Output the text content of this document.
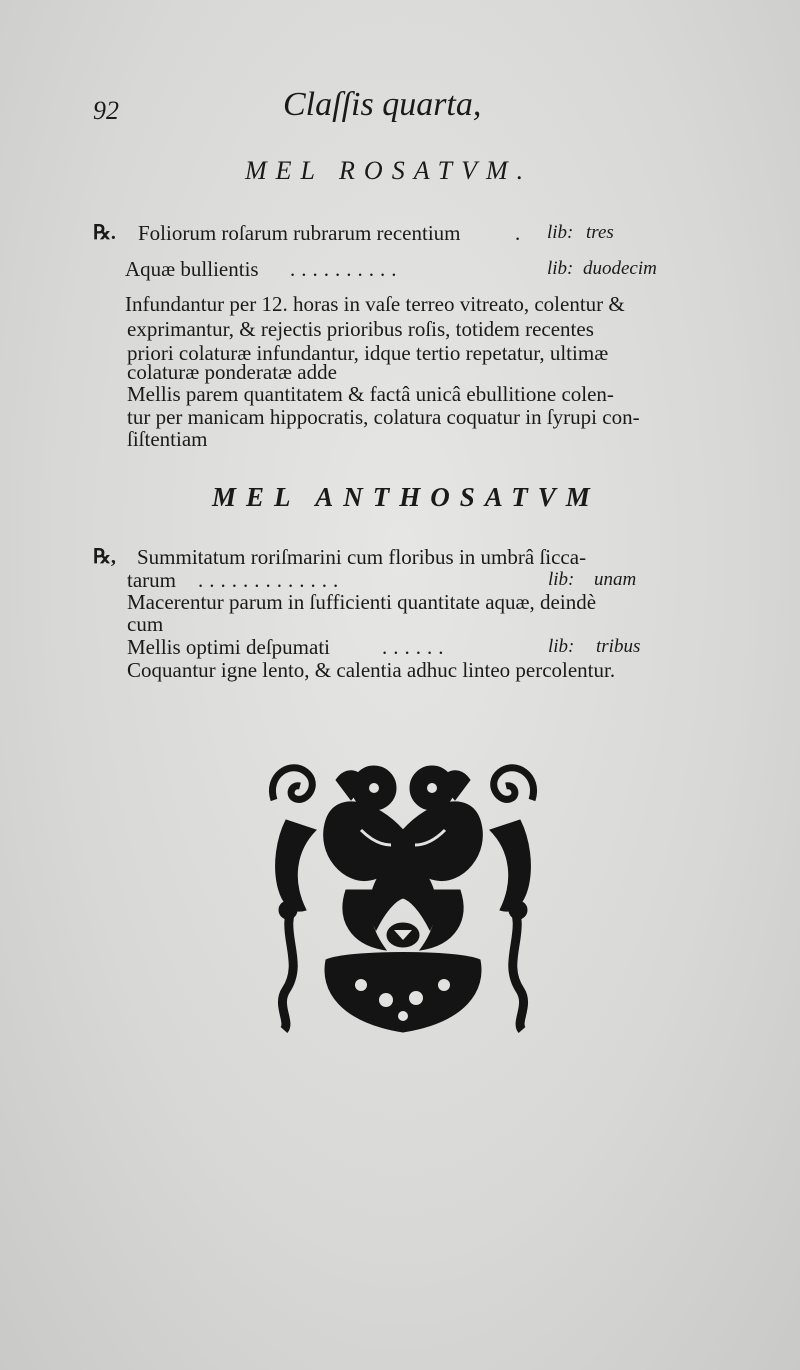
92	Claſſis quarta,
MEL ROSATVM.
℞. Foliorum roſarum rubrarum recentium	. lib: tres
Aquæ bullientis ..........	lib: duodecim
Infundantur per 12. horas in vaſe terreo vitreato, colentur &
exprimantur, & rejectis prioribus roſis, totidem recentes
priori colaturæ infundantur, idque tertio repetatur, ultimæ
colaturæ ponderatæ adde
Mellis parem quantitatem & factâ unicâ ebullitione colen-
tur per manicam hippocratis, colatura coquatur in ſyrupi con-
ſiſtentiam
MEL ANTHOSATVM
℞, Summitatum roriſmarini cum floribus in umbrâ ſicca-
tarum .............	lib: unam
Macerentur parum in ſufficienti quantitate aquæ, deindè
cum
Mellis optimi deſpumati ......	lib: tribus
Coquantur igne lento, & calentia adhuc linteo percolentur.
